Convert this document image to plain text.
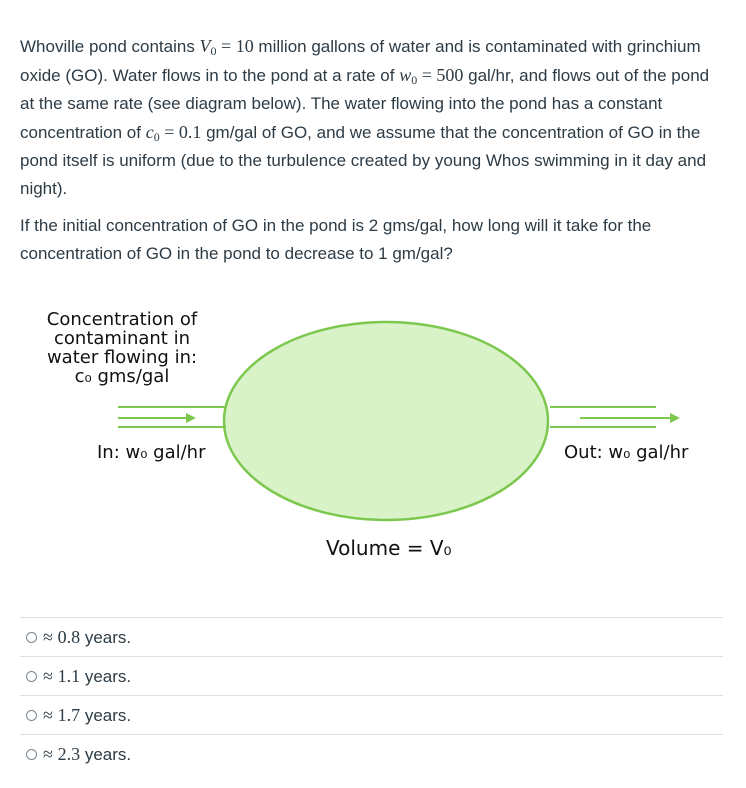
Whoville pond contains $V_0 = 10$ million gallons of water and is contaminated with grinchium oxide (GO). Water flows in to the pond at a rate of $w_0 = 500$ gal/hr, and flows out of the pond at the same rate (see diagram below). The water flowing into the pond has a constant concentration of $c_0 = 0.1$ gm/gal of GO, and we assume that the concentration of GO in the pond itself is uniform (due to the turbulence created by young Whos swimming in it day and night).

If the initial concentration of GO in the pond is 2 gms/gal, how long will it take for the concentration of GO in the pond to decrease to 1 gm/gal?

Concentration of
contaminant in
water flowing in:
c₀ gms/gal
In: w₀ gal/hr	Out: w₀ gal/hr
Volume = V₀
≈ 0.8 years.
≈ 1.1 years.
≈ 1.7 years.
≈ 2.3 years.
